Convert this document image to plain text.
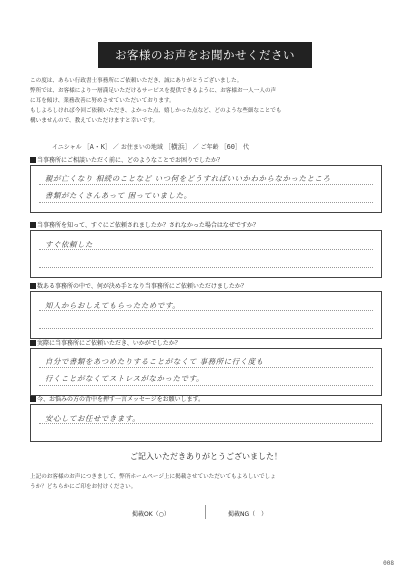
お客様のお声をお聞かせください

この度は、あらい行政書士事務所にご依頼いただき、誠にありがとうございました。

弊所では、お客様により一層満足いただけるサービスを提供できるように、お客様お一人一人の声

に耳を傾け、業務改善に努めさせていただいております。

もしよろしければ今回ご依頼いただき、よかった点、嬉しかった点など、どのような些細なことでも

構いませんので、教えていただけますと幸いです。

イニシャル ［A・K］ ／ お住まいの地域 ［横浜］ ／ ご年齢 ［60］ 代
当事務所にご相談いただく前に、どのようなことでお困りでしたか？
親が亡くなり 相続のことなど いつ何をどうすればいいかわからなかったところ
書類がたくさんあって 困っていました。
当事務所を知って、すぐにご依頼されましたか？されなかった場合はなぜですか？
すぐ依頼した
数ある事務所の中で、何が決め手となり当事務所にご依頼いただけましたか？
知人からおしえてもらったためです。
実際に当事務所にご依頼いただき、いかがでしたか？
自分で書類をあつめたりすることがなくて 事務所に行く度も
行くことがなくてストレスがなかったです。
今、お悩みの方の背中を押す一言メッセージをお願いします。
安心してお任せできます。
ご記入いただきありがとうございました！

上記のお客様のお声につきまして、弊所ホームページ上に掲載させていただいてもよろしいでしょ

うか？どちらかにご印をお付けください。

掲載OK（○）	掲載NG（　）
008
